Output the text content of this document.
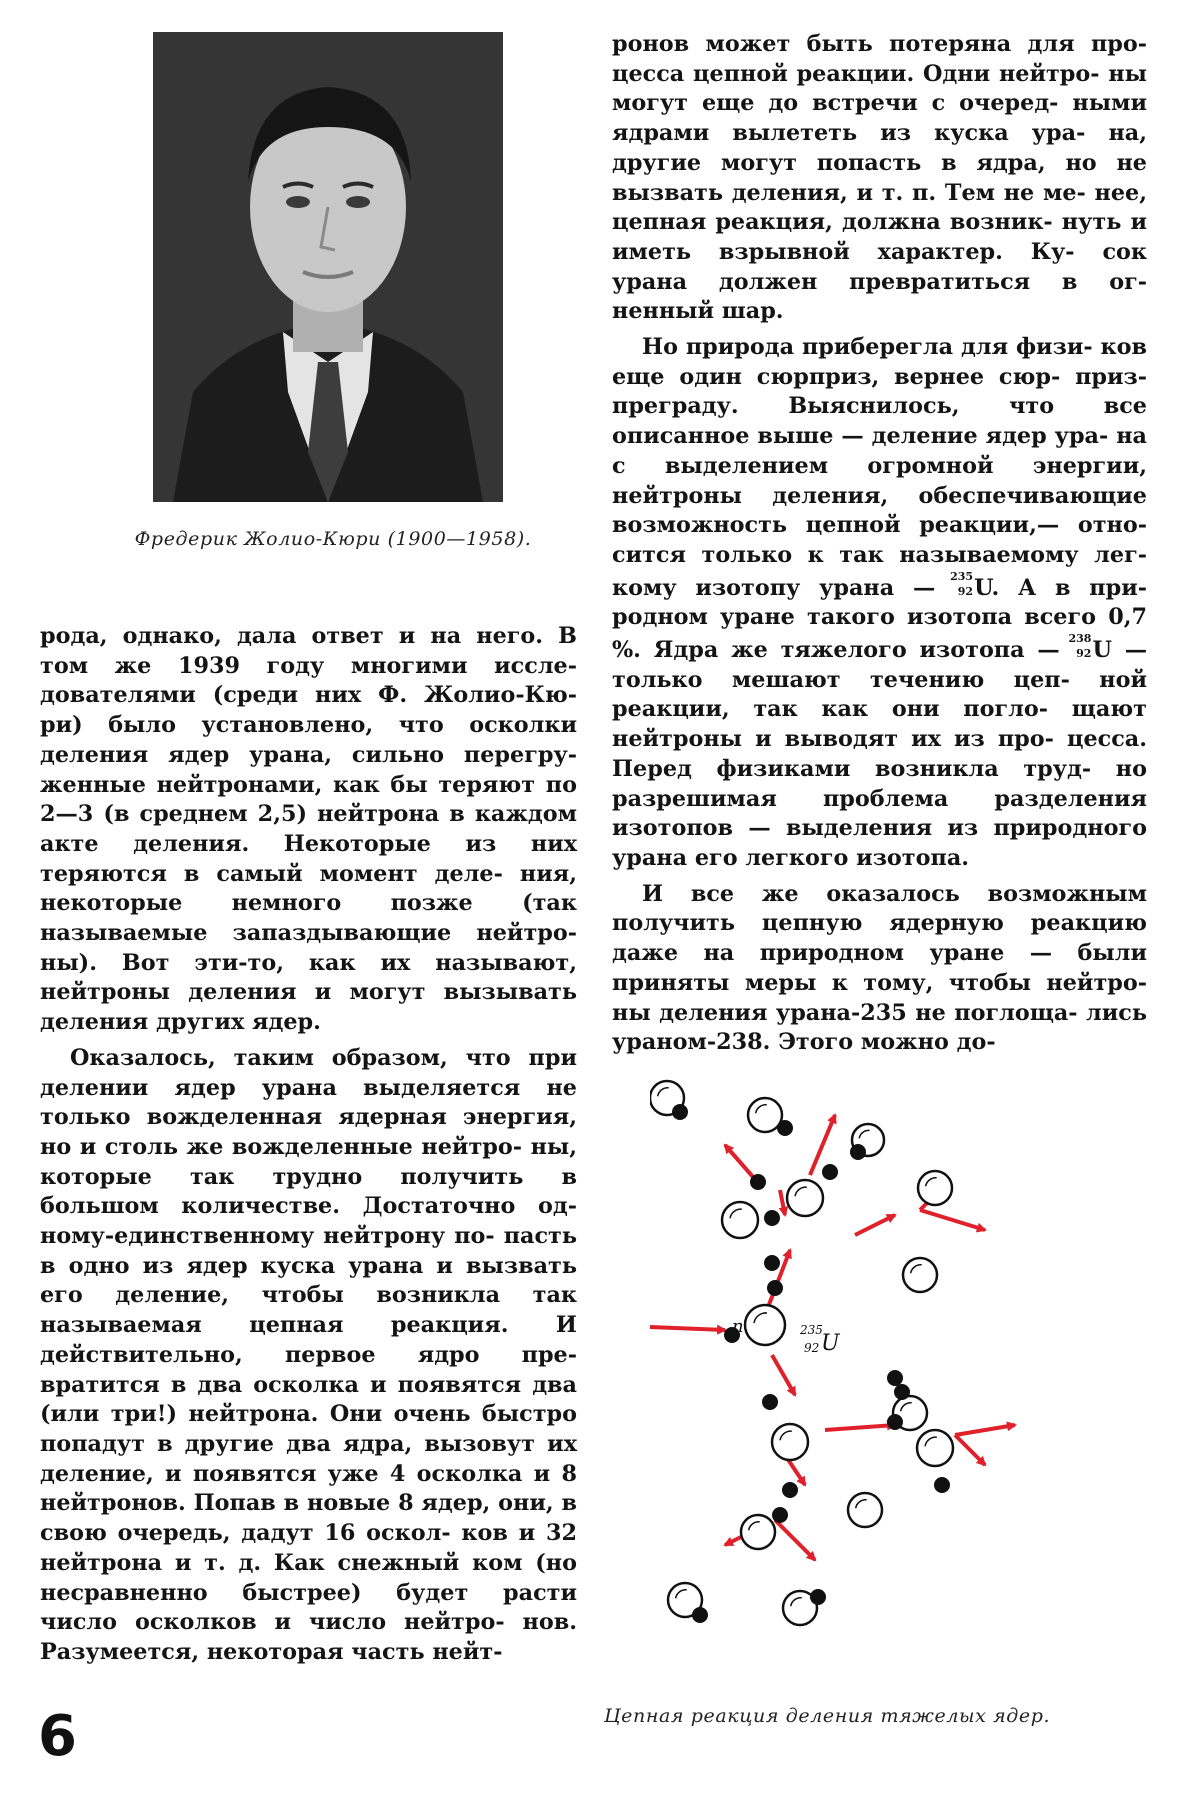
Фредерик Жолио-Кюри (1900—1958).

рода, однако, дала ответ и на него. В том же 1939 году многими иссле- дователями (среди них Ф. Жолио-Кю- ри) было установлено, что осколки деления ядер урана, сильно перегру- женные нейтронами, как бы теряют по 2—3 (в среднем 2,5) нейтрона в каждом акте деления. Некоторые из них теряются в самый момент деле- ния, некоторые немного позже (так называемые запаздывающие нейтро- ны). Вот эти-то, как их называют, нейтроны деления и могут вызывать деления других ядер.

Оказалось, таким образом, что при делении ядер урана выделяется не только вожделенная ядерная энергия, но и столь же вожделенные нейтро- ны, которые так трудно получить в большом количестве. Достаточно од- ному-единственному нейтрону по- пасть в одно из ядер куска урана и вызвать его деление, чтобы возникла так называемая цепная реакция. И действительно, первое ядро пре- вратится в два осколка и появятся два (или три!) нейтрона. Они очень быстро попадут в другие два ядра, вызовут их деление, и появятся уже 4 осколка и 8 нейтронов. Попав в новые 8 ядер, они, в свою очередь, дадут 16 оскол- ков и 32 нейтрона и т. д. Как снежный ком (но несравненно быстрее) будет расти число осколков и число нейтро- нов. Разумеется, некоторая часть нейт-

ронов может быть потеряна для про- цесса цепной реакции. Одни нейтро- ны могут еще до встречи с очеред- ными ядрами вылететь из куска ура- на, другие могут попасть в ядра, но не вызвать деления, и т. п. Тем не ме- нее, цепная реакция, должна возник- нуть и иметь взрывной характер. Ку- сок урана должен превратиться в ог- ненный шар.

Но природа приберегла для физи- ков еще один сюрприз, вернее сюр- приз-преграду. Выяснилось, что все описанное выше — деление ядер ура- на с выделением огромной энергии, нейтроны деления, обеспечивающие возможность цепной реакции,— отно- сится только к так называемому лег- кому изотопу урана —	235
92 U. А в при- родном уране такого изотопа всего 0,7 %. Ядра же тяжелого изотопа —
238
92 U — только мешают течению цеп- ной реакции, так как они погло- щают нейтроны и выводят их из про- цесса. Перед физиками возникла труд- но разрешимая проблема разделения изотопов — выделения из природного урана его легкого изотопа.

И все же оказалось возможным получить цепную ядерную реакцию даже на природном уране — были приняты меры к тому, чтобы нейтро- ны деления урана-235 не поглоща- лись ураном-238. Этого можно до-

n	235
92 U
Цепная реакция деления тяжелых ядер.
6
